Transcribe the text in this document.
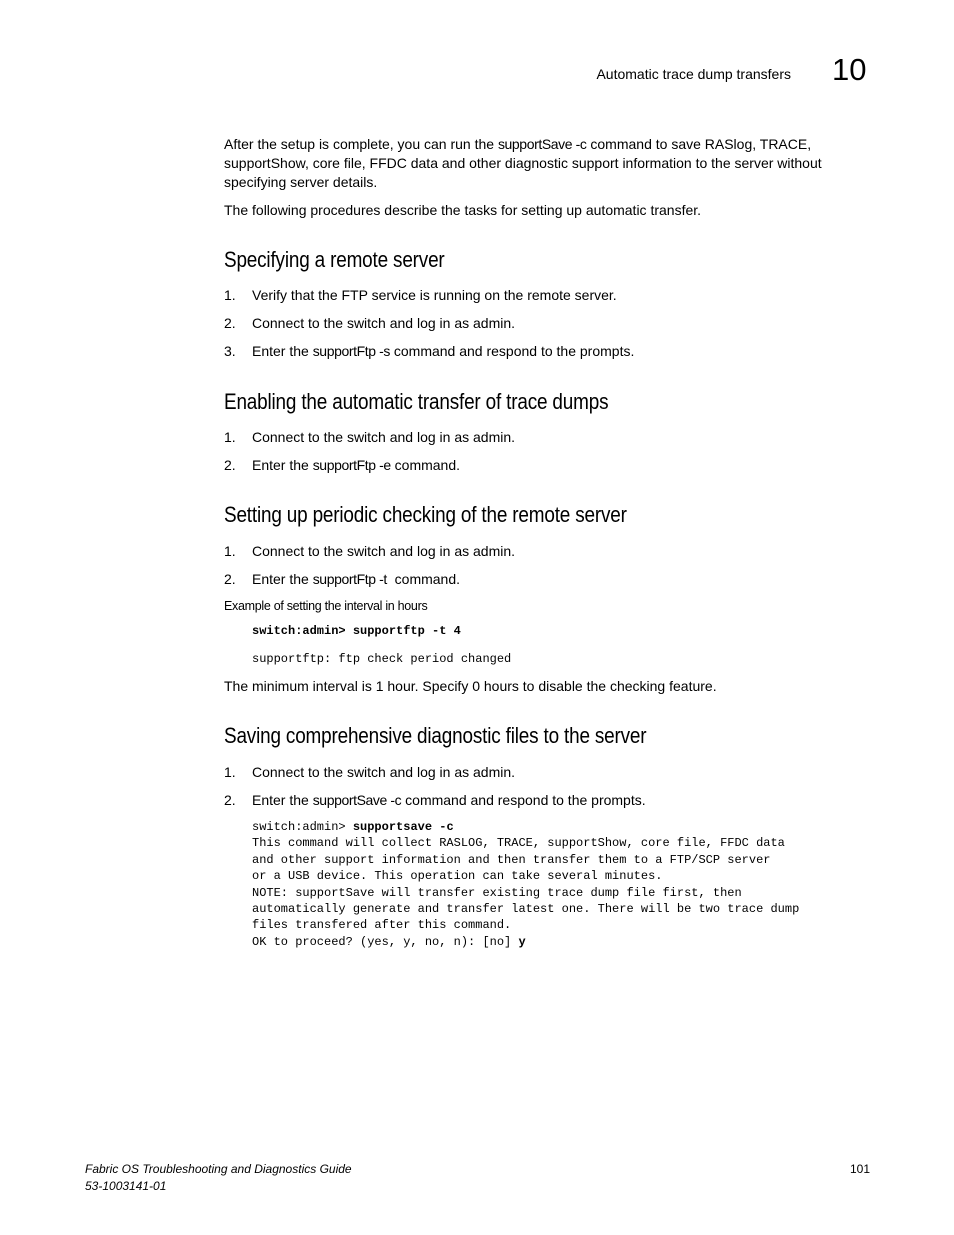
Automatic trace dump transfers 10

After the setup is complete, you can run the supportSave -c command to save RASlog, TRACE, supportShow, core file, FFDC data and other diagnostic support information to the server without specifying server details.

The following procedures describe the tasks for setting up automatic transfer.

Specifying a remote server
1. Verify that the FTP service is running on the remote server.
2. Connect to the switch and log in as admin.
3. Enter the supportFtp -s command and respond to the prompts.
Enabling the automatic transfer of trace dumps
1. Connect to the switch and log in as admin.
2. Enter the supportFtp -e command.
Setting up periodic checking of the remote server
1. Connect to the switch and log in as admin.
2. Enter the supportFtp -t  command.
Example of setting the interval in hours
switch:admin> supportftp -t 4
supportftp: ftp check period changed

The minimum interval is 1 hour. Specify 0 hours to disable the checking feature.

Saving comprehensive diagnostic files to the server
1. Connect to the switch and log in as admin.
2. Enter the supportSave -c command and respond to the prompts.
switch:admin> supportsave -c
This command will collect RASLOG, TRACE, supportShow, core file, FFDC data
and other support information and then transfer them to a FTP/SCP server
or a USB device. This operation can take several minutes.
NOTE: supportSave will transfer existing trace dump file first, then
automatically generate and transfer latest one. There will be two trace dump
files transfered after this command.
OK to proceed? (yes, y, no, n): [no] y
Fabric OS Troubleshooting and Diagnostics Guide
53-1003141-01
101
